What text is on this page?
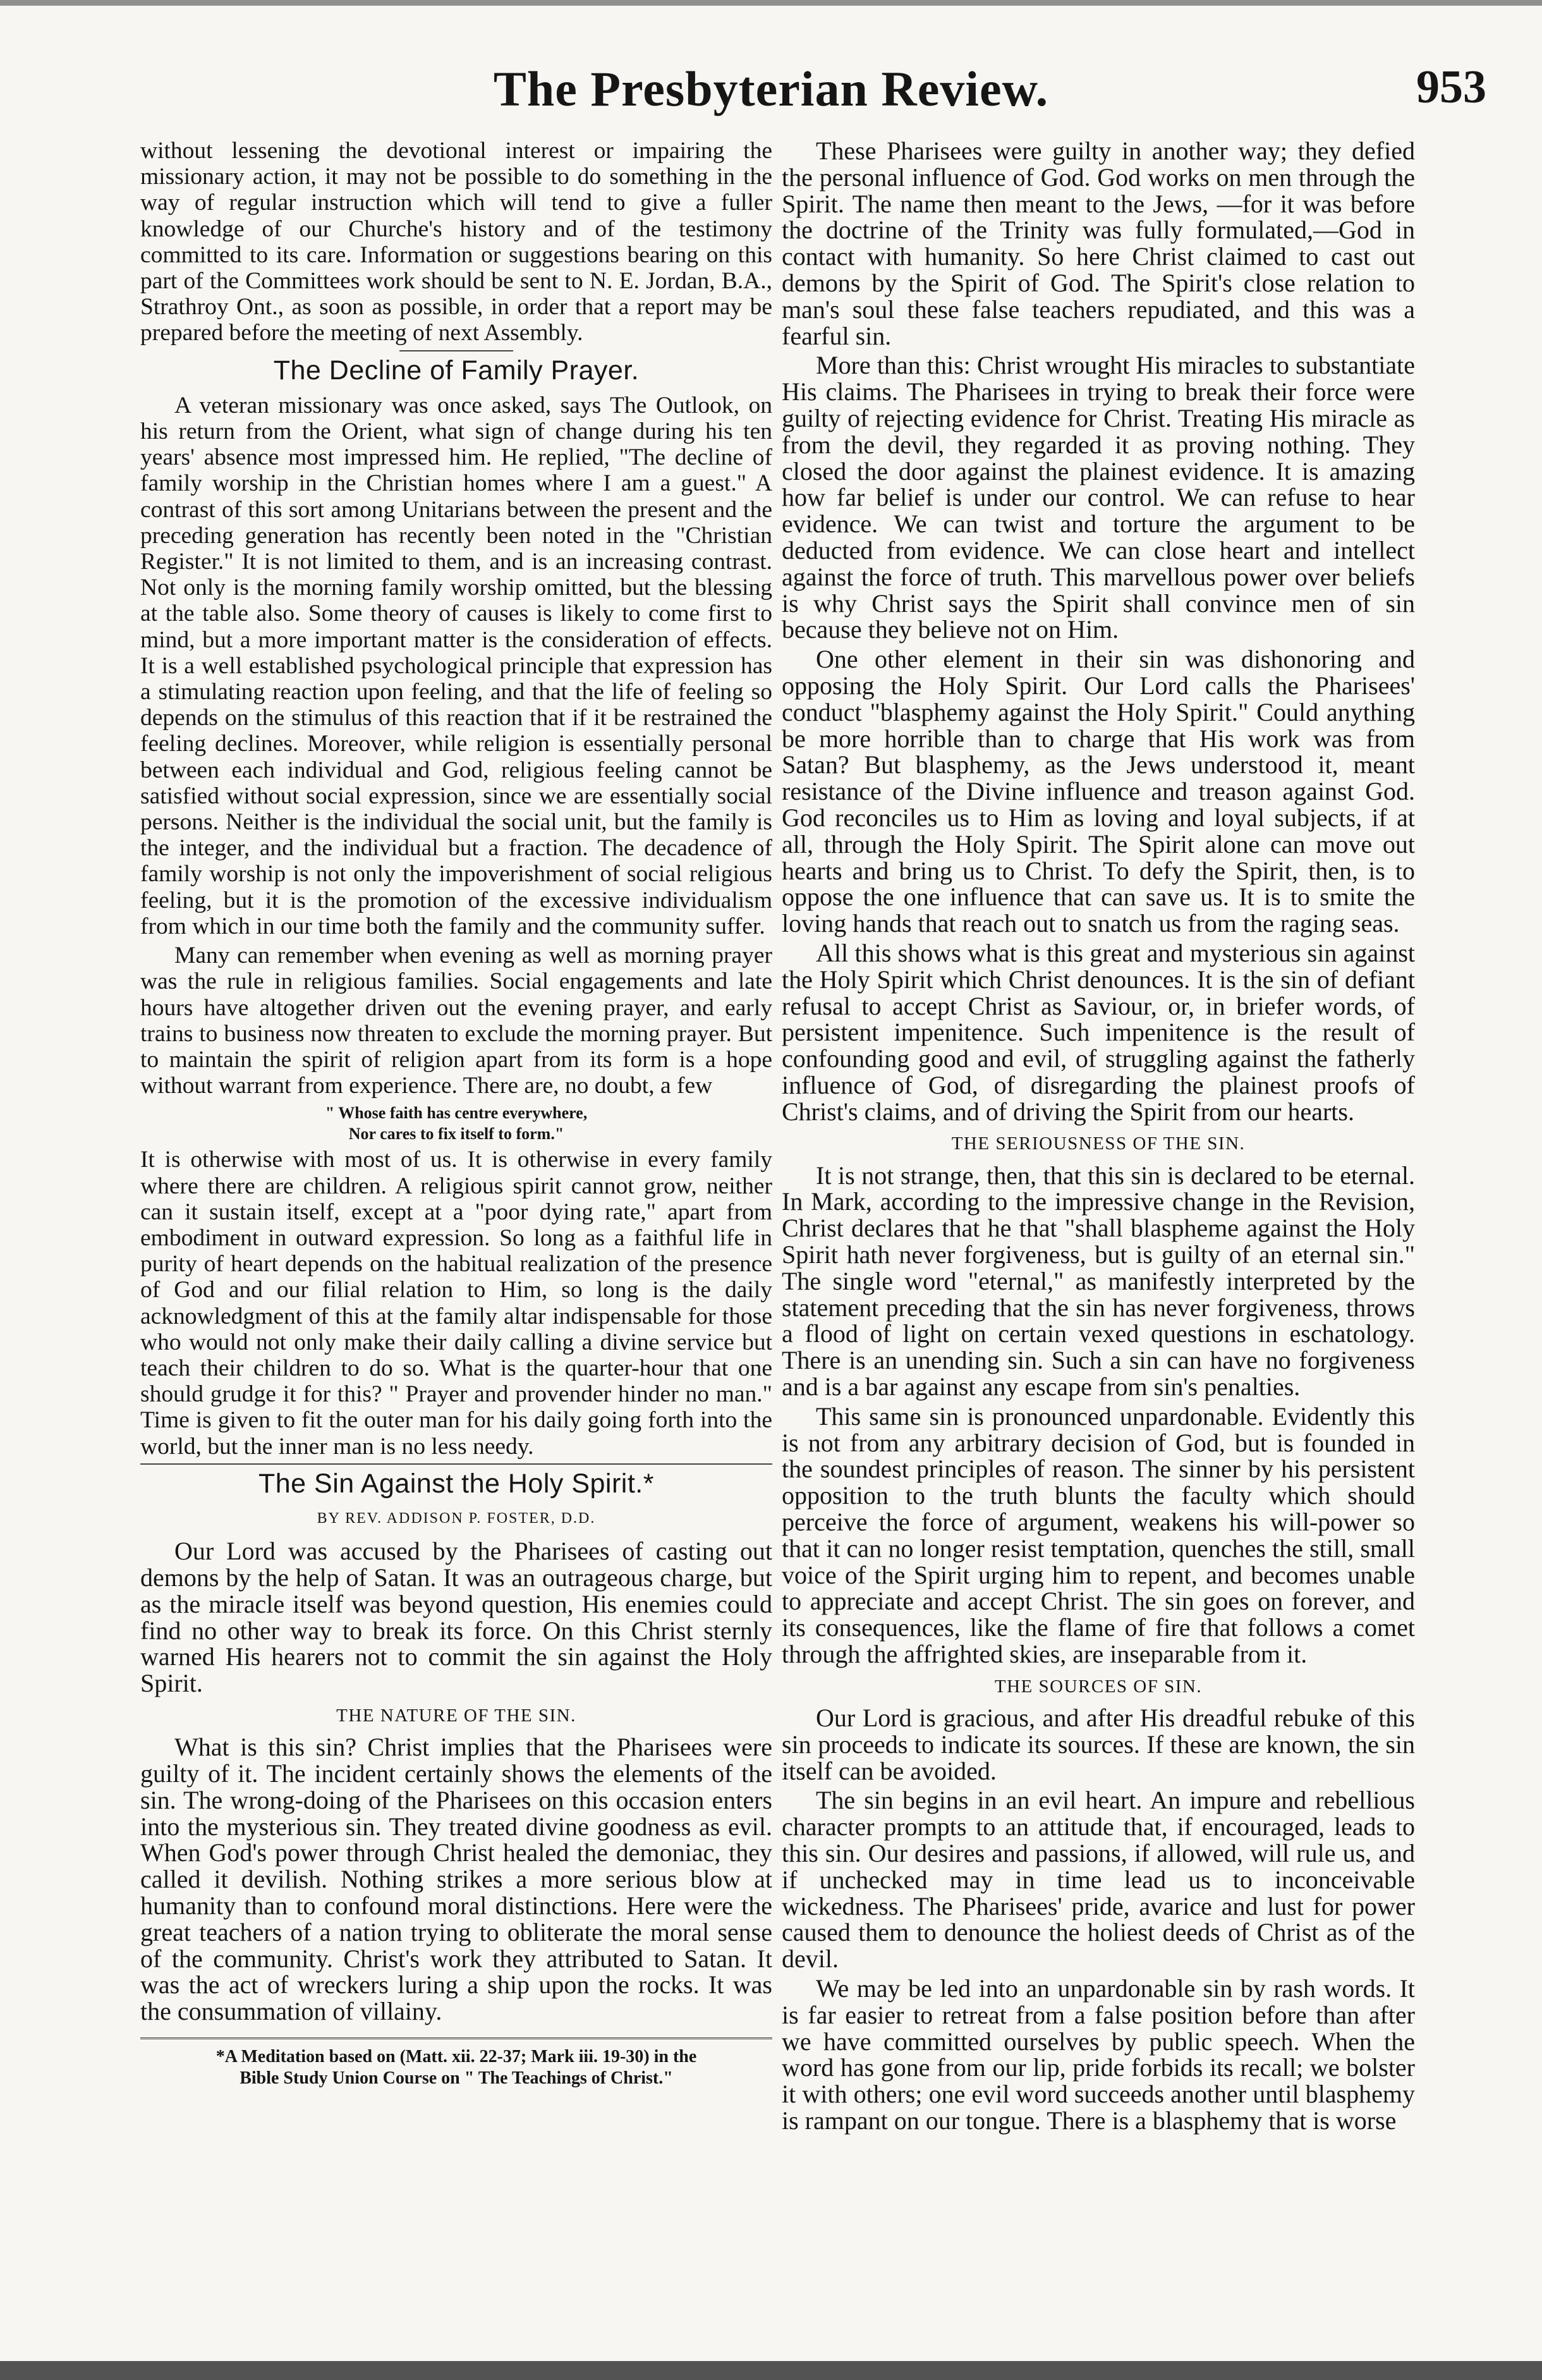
The Presbyterian Review.	953

without lessening the devotional interest or impairing the missionary action, it may not be possible to do something in the way of regular instruction which will tend to give a fuller knowledge of our Churche's history and of the testimony committed to its care. Information or suggestions bearing on this part of the Committees work should be sent to N. E. Jordan, B.A., Strathroy Ont., as soon as possible, in order that a report may be prepared before the meeting of next Assembly.

The Decline of Family Prayer.

A veteran missionary was once asked, says The Outlook, on his return from the Orient, what sign of change during his ten years' absence most impressed him. He replied, "The decline of family worship in the Christian homes where I am a guest." A contrast of this sort among Unitarians between the present and the preceding generation has recently been noted in the "Christian Register." It is not limited to them, and is an increasing contrast. Not only is the morning family worship omitted, but the blessing at the table also. Some theory of causes is likely to come first to mind, but a more important matter is the consideration of effects. It is a well established psychological principle that expression has a stimulating reaction upon feeling, and that the life of feeling so depends on the stimulus of this reaction that if it be restrained the feeling declines. Moreover, while religion is essentially personal between each individual and God, religious feeling cannot be satisfied without social expression, since we are essentially social persons. Neither is the individual the social unit, but the family is the integer, and the individual but a fraction. The decadence of family worship is not only the impoverishment of social religious feeling, but it is the promotion of the excessive individualism from which in our time both the family and the community suffer.

Many can remember when evening as well as morning prayer was the rule in religious families. Social engagements and late hours have altogether driven out the evening prayer, and early trains to business now threaten to exclude the morning prayer. But to maintain the spirit of religion apart from its form is a hope without warrant from experience. There are, no doubt, a few

" Whose faith has centre everywhere,
Nor cares to fix itself to form."

It is otherwise with most of us. It is otherwise in every family where there are children. A religious spirit cannot grow, neither can it sustain itself, except at a "poor dying rate," apart from embodiment in outward expression. So long as a faithful life in purity of heart depends on the habitual realization of the presence of God and our filial relation to Him, so long is the daily acknowledgment of this at the family altar indispensable for those who would not only make their daily calling a divine service but teach their children to do so. What is the quarter-hour that one should grudge it for this? " Prayer and provender hinder no man." Time is given to fit the outer man for his daily going forth into the world, but the inner man is no less needy.

The Sin Against the Holy Spirit.*
BY REV. ADDISON P. FOSTER, D.D.

Our Lord was accused by the Pharisees of casting out demons by the help of Satan. It was an outrageous charge, but as the miracle itself was beyond question, His enemies could find no other way to break its force. On this Christ sternly warned His hearers not to commit the sin against the Holy Spirit.

THE NATURE OF THE SIN.

What is this sin? Christ implies that the Pharisees were guilty of it. The incident certainly shows the elements of the sin. The wrong-doing of the Pharisees on this occasion enters into the mysterious sin. They treated divine goodness as evil. When God's power through Christ healed the demoniac, they called it devilish. Nothing strikes a more serious blow at humanity than to confound moral distinctions. Here were the great teachers of a nation trying to obliterate the moral sense of the community. Christ's work they attributed to Satan. It was the act of wreckers luring a ship upon the rocks. It was the consummation of villainy.

*A Meditation based on (Matt. xii. 22-37; Mark iii. 19-30) in the
Bible Study Union Course on " The Teachings of Christ."

These Pharisees were guilty in another way; they defied the personal influence of God. God works on men through the Spirit. The name then meant to the Jews, —for it was before the doctrine of the Trinity was fully formulated,—God in contact with humanity. So here Christ claimed to cast out demons by the Spirit of God. The Spirit's close relation to man's soul these false teachers repudiated, and this was a fearful sin.

More than this: Christ wrought His miracles to substantiate His claims. The Pharisees in trying to break their force were guilty of rejecting evidence for Christ. Treating His miracle as from the devil, they regarded it as proving nothing. They closed the door against the plainest evidence. It is amazing how far belief is under our control. We can refuse to hear evidence. We can twist and torture the argument to be deducted from evidence. We can close heart and intellect against the force of truth. This marvellous power over beliefs is why Christ says the Spirit shall convince men of sin because they believe not on Him.

One other element in their sin was dishonoring and opposing the Holy Spirit. Our Lord calls the Pharisees' conduct "blasphemy against the Holy Spirit." Could anything be more horrible than to charge that His work was from Satan? But blasphemy, as the Jews understood it, meant resistance of the Divine influence and treason against God. God reconciles us to Him as loving and loyal subjects, if at all, through the Holy Spirit. The Spirit alone can move out hearts and bring us to Christ. To defy the Spirit, then, is to oppose the one influence that can save us. It is to smite the loving hands that reach out to snatch us from the raging seas.

All this shows what is this great and mysterious sin against the Holy Spirit which Christ denounces. It is the sin of defiant refusal to accept Christ as Saviour, or, in briefer words, of persistent impenitence. Such impenitence is the result of confounding good and evil, of struggling against the fatherly influence of God, of disregarding the plainest proofs of Christ's claims, and of driving the Spirit from our hearts.

THE SERIOUSNESS OF THE SIN.

It is not strange, then, that this sin is declared to be eternal. In Mark, according to the impressive change in the Revision, Christ declares that he that "shall blaspheme against the Holy Spirit hath never forgiveness, but is guilty of an eternal sin." The single word "eternal," as manifestly interpreted by the statement preceding that the sin has never forgiveness, throws a flood of light on certain vexed questions in eschatology. There is an unending sin. Such a sin can have no forgiveness and is a bar against any escape from sin's penalties.

This same sin is pronounced unpardonable. Evidently this is not from any arbitrary decision of God, but is founded in the soundest principles of reason. The sinner by his persistent opposition to the truth blunts the faculty which should perceive the force of argument, weakens his will-power so that it can no longer resist temptation, quenches the still, small voice of the Spirit urging him to repent, and becomes unable to appreciate and accept Christ. The sin goes on forever, and its consequences, like the flame of fire that follows a comet through the affrighted skies, are inseparable from it.

THE SOURCES OF SIN.

Our Lord is gracious, and after His dreadful rebuke of this sin proceeds to indicate its sources. If these are known, the sin itself can be avoided.

The sin begins in an evil heart. An impure and rebellious character prompts to an attitude that, if encouraged, leads to this sin. Our desires and passions, if allowed, will rule us, and if unchecked may in time lead us to inconceivable wickedness. The Pharisees' pride, avarice and lust for power caused them to denounce the holiest deeds of Christ as of the devil.

We may be led into an unpardonable sin by rash words. It is far easier to retreat from a false position before than after we have committed ourselves by public speech. When the word has gone from our lip, pride forbids its recall; we bolster it with others; one evil word succeeds another until blasphemy is rampant on our tongue. There is a blasphemy that is worse
